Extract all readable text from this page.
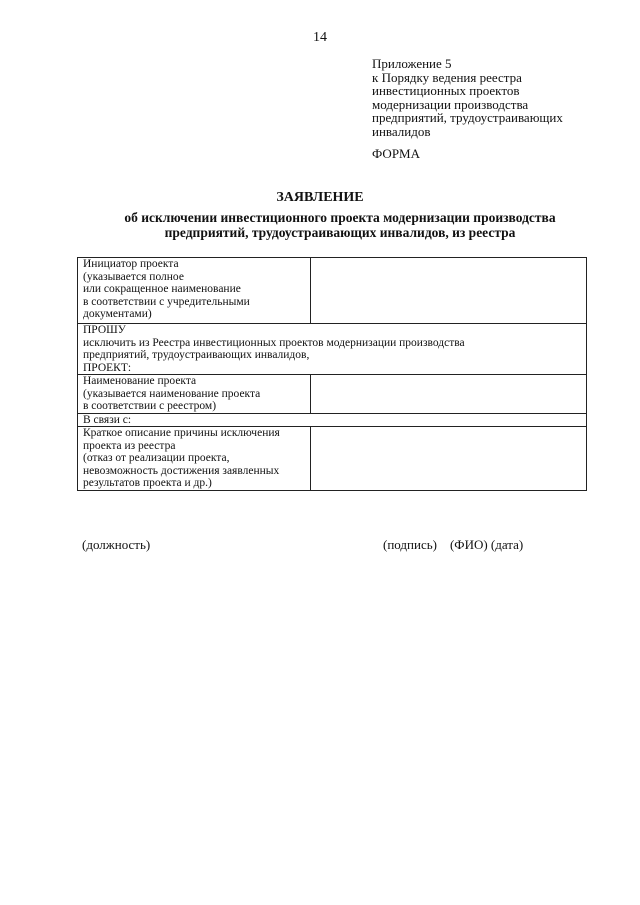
14
Приложение 5
к Порядку ведения реестра
инвестиционных проектов
модернизации производства
предприятий, трудоустраивающих
инвалидов
ФОРМА
ЗАЯВЛЕНИЕ
об исключении инвестиционного проекта модернизации производства
предприятий, трудоустраивающих инвалидов, из реестра
Инициатор проекта
(указывается полное
или сокращенное наименование
в соответствии с учредительными
документами)	

ПРОШУ
исключить из Реестра инвестиционных проектов модернизации производства
предприятий, трудоустраивающих инвалидов,
ПРОЕКТ:	

Наименование проекта
(указывается наименование проекта
в соответствии с реестром)	

В связи с:	

Краткое описание причины исключения
проекта из реестра
(отказ от реализации проекта,
невозможность достижения заявленных
результатов проекта и др.)	

(должность)	(подпись)    (ФИО) (дата)
